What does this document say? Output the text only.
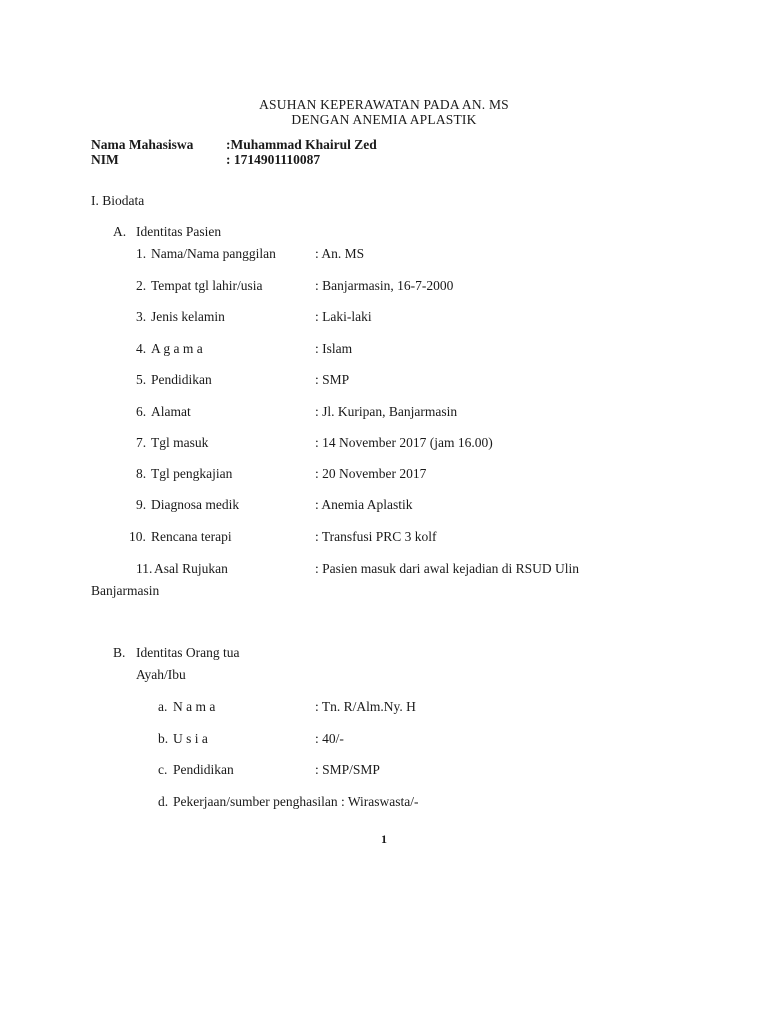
ASUHAN KEPERAWATAN PADA AN. MS
DENGAN ANEMIA APLASTIK
Nama Mahasiswa :Muhammad Khairul Zed
NIM	: 1714901110087
I. Biodata
A. Identitas Pasien
1. Nama/Nama panggilan	: An. MS
2. Tempat tgl lahir/usia	: Banjarmasin, 16-7-2000
3. Jenis kelamin	: Laki-laki
4. A g a m a	: Islam
5. Pendidikan	: SMP
6. Alamat	: Jl. Kuripan, Banjarmasin
7. Tgl masuk	: 14 November 2017 (jam 16.00)
8. Tgl pengkajian	: 20 November 2017
9. Diagnosa medik	: Anemia Aplastik
10. Rencana terapi	: Transfusi PRC 3 kolf
11. Asal Rujukan	: Pasien masuk dari awal kejadian di RSUD Ulin
Banjarmasin
B. Identitas Orang tua
Ayah/Ibu
a. N a m a	: Tn. R/Alm.Ny. H
b. U s i a	: 40/-
c. Pendidikan	: SMP/SMP
d. Pekerjaan/sumber penghasilan : Wiraswasta/-
1
